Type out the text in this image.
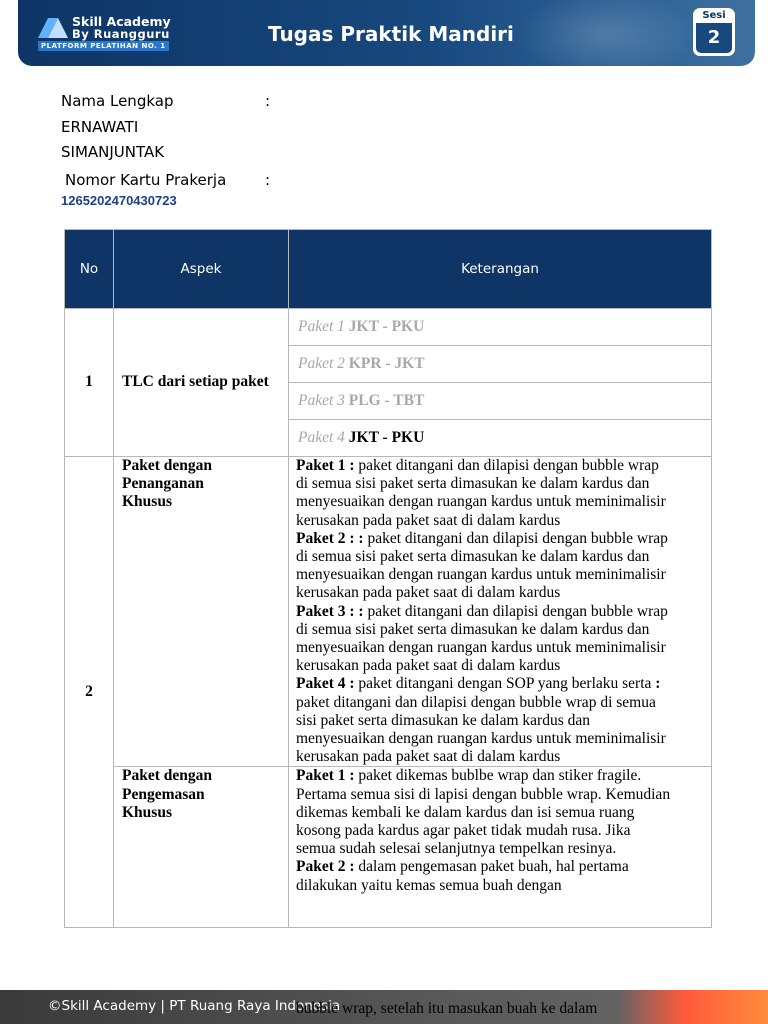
Skill Academy
By Ruangguru
PLATFORM PELATIHAN NO. 1	Tugas Praktik Mandiri
Sesi
2
Nama Lengkap	:
ERNAWATI
SIMANJUNTAK
Nomor Kartu Prakerja	:
1265202470430723
No	Aspek	Keterangan
1	TLC dari setiap paket	Paket 1 JKT - PKU
		Paket 2 KPR - JKT
		Paket 3 PLG - TBT
		Paket 4 JKT - PKU
2	Paket dengan Penanganan Khusus	Paket 1 : paket ditangani dan dilapisi dengan bubble wrap di semua sisi paket serta dimasukan ke dalam kardus dan menyesuaikan dengan ruangan kardus untuk meminimalisir kerusakan pada paket saat di dalam kardus
Paket 2 : : paket ditangani dan dilapisi dengan bubble wrap di semua sisi paket serta dimasukan ke dalam kardus dan menyesuaikan dengan ruangan kardus untuk meminimalisir kerusakan pada paket saat di dalam kardus
Paket 3 : : paket ditangani dan dilapisi dengan bubble wrap di semua sisi paket serta dimasukan ke dalam kardus dan menyesuaikan dengan ruangan kardus untuk meminimalisir kerusakan pada paket saat di dalam kardus
Paket 4 : paket ditangani dengan SOP yang berlaku serta : paket ditangani dan dilapisi dengan bubble wrap di semua sisi paket serta dimasukan ke dalam kardus dan menyesuaikan dengan ruangan kardus untuk meminimalisir kerusakan pada paket saat di dalam kardus
	Paket dengan Pengemasan Khusus	Paket 1 : paket dikemas bublbe wrap dan stiker fragile. Pertama semua sisi di lapisi dengan bubble wrap. Kemudian dikemas kembali ke dalam kardus dan isi semua ruang kosong pada kardus agar paket tidak mudah rusa. Jika semua sudah selesai selanjutnya tempelkan resinya.
Paket 2 : dalam pengemasan paket buah, hal pertama dilakukan yaitu kemas semua buah dengan
©Skill Academy | PT Ruang Raya Indonesia
bubble wrap, setelah itu masukan buah ke dalam
